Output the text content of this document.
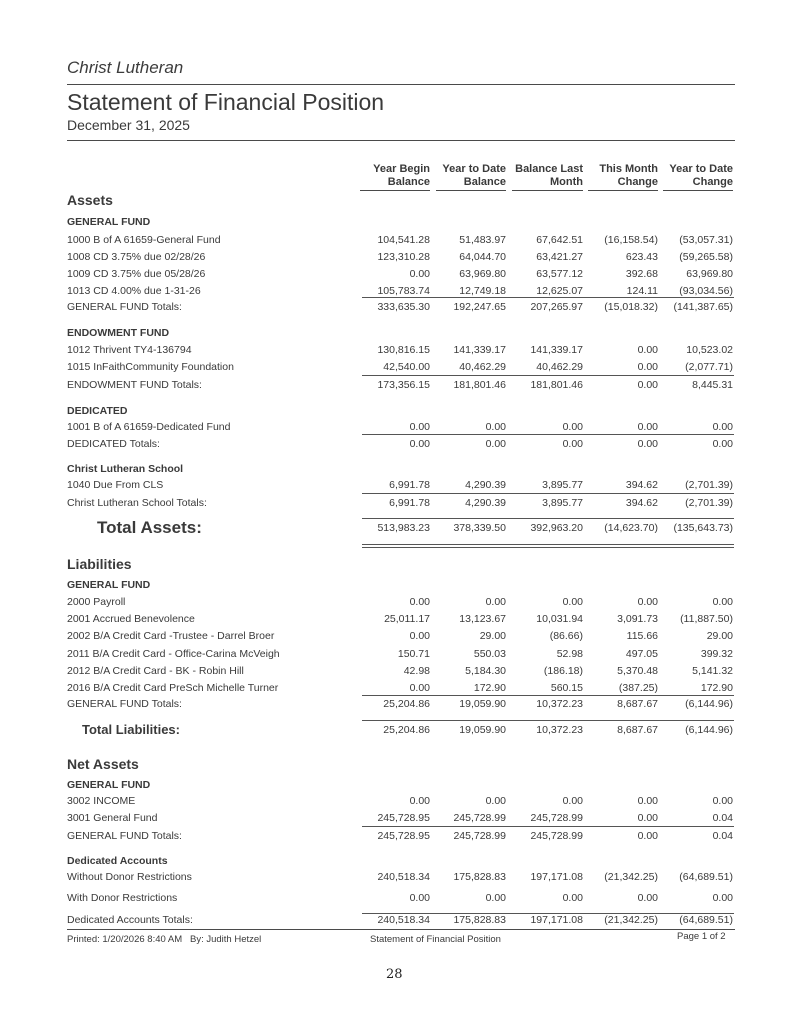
Christ Lutheran
Statement of Financial Position
December 31, 2025
Year Begin
Balance
Year to Date
Balance
Balance Last
Month
This Month
Change
Year to Date
Change
Assets
GENERAL FUND
1000 B of A 61659-General Fund	104,541.28	51,483.97	67,642.51	(16,158.54)	(53,057.31)
1008 CD 3.75% due 02/28/26	123,310.28	64,044.70	63,421.27	623.43	(59,265.58)
1009 CD 3.75% due 05/28/26	0.00	63,969.80	63,577.12	392.68	63,969.80
1013 CD 4.00% due 1-31-26	105,783.74	12,749.18	12,625.07	124.11	(93,034.56)
GENERAL FUND Totals:	333,635.30	192,247.65	207,265.97	(15,018.32)	(141,387.65)
ENDOWMENT FUND
1012 Thrivent TY4-136794	130,816.15	141,339.17	141,339.17	0.00	10,523.02
1015 InFaithCommunity Foundation	42,540.00	40,462.29	40,462.29	0.00	(2,077.71)
ENDOWMENT FUND Totals:	173,356.15	181,801.46	181,801.46	0.00	8,445.31
DEDICATED
1001 B of A 61659-Dedicated Fund	0.00	0.00	0.00	0.00	0.00
DEDICATED Totals:	0.00	0.00	0.00	0.00	0.00
Christ Lutheran School
1040 Due From CLS	6,991.78	4,290.39	3,895.77	394.62	(2,701.39)
Christ Lutheran School Totals:	6,991.78	4,290.39	3,895.77	394.62	(2,701.39)
Total Assets:	513,983.23	378,339.50	392,963.20	(14,623.70)	(135,643.73)
Liabilities
GENERAL FUND
2000 Payroll	0.00	0.00	0.00	0.00	0.00
2001 Accrued Benevolence	25,011.17	13,123.67	10,031.94	3,091.73	(11,887.50)
2002 B/A Credit Card -Trustee - Darrel Broer	0.00	29.00	(86.66)	115.66	29.00
2011 B/A Credit Card - Office-Carina McVeigh	150.71	550.03	52.98	497.05	399.32
2012 B/A Credit Card - BK - Robin Hill	42.98	5,184.30	(186.18)	5,370.48	5,141.32
2016 B/A Credit Card PreSch Michelle Turner	0.00	172.90	560.15	(387.25)	172.90
GENERAL FUND Totals:	25,204.86	19,059.90	10,372.23	8,687.67	(6,144.96)
Total Liabilities:	25,204.86	19,059.90	10,372.23	8,687.67	(6,144.96)
Net Assets
GENERAL FUND
3002 INCOME	0.00	0.00	0.00	0.00	0.00
3001 General Fund	245,728.95	245,728.99	245,728.99	0.00	0.04
GENERAL FUND Totals:	245,728.95	245,728.99	245,728.99	0.00	0.04
Dedicated Accounts
Without Donor Restrictions	240,518.34	175,828.83	197,171.08	(21,342.25)	(64,689.51)
With Donor Restrictions	0.00	0.00	0.00	0.00	0.00
Dedicated Accounts Totals:	240,518.34	175,828.83	197,171.08	(21,342.25)	(64,689.51)
Printed: 1/20/2026 8:40 AM By: Judith Hetzel	Statement of Financial Position	Page 1 of 2
28
